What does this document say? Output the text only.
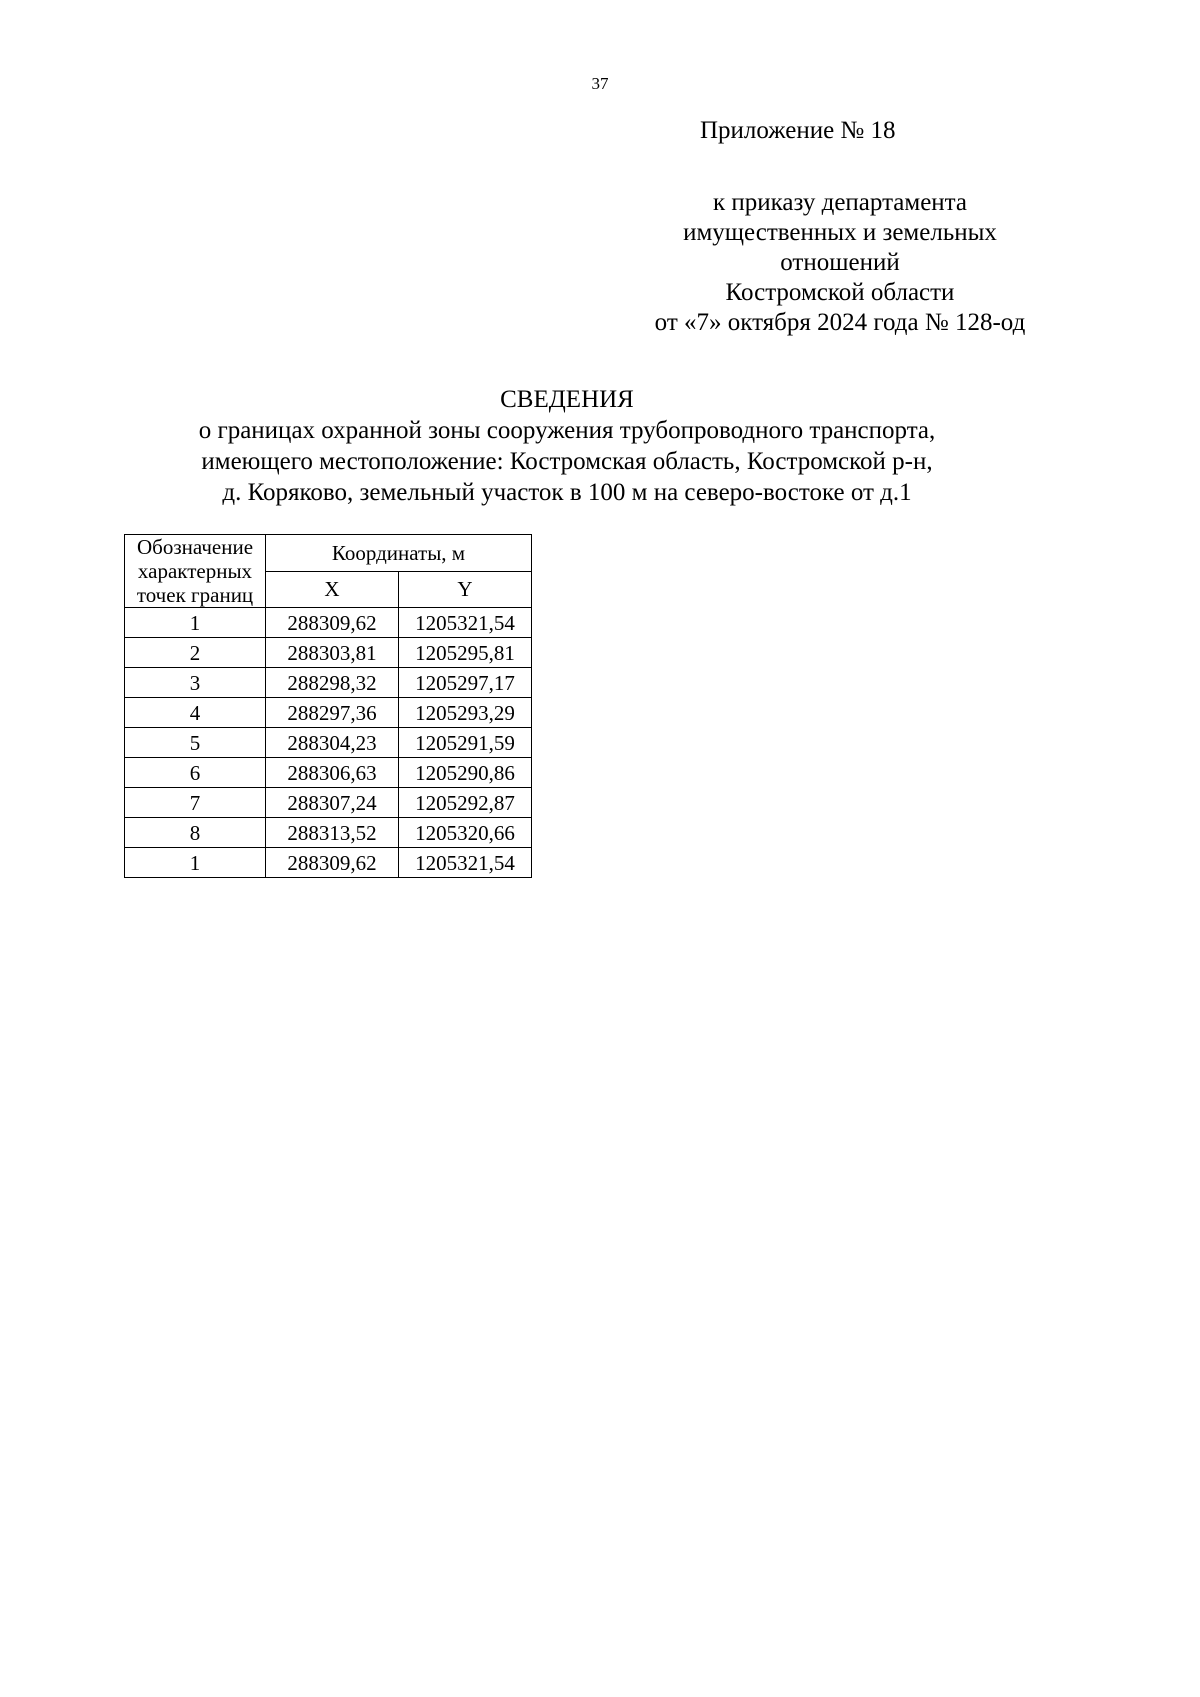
37
Приложение № 18
к приказу департамента
имущественных и земельных
отношений
Костромской области
от «7» октября 2024 года № 128-од
СВЕДЕНИЯ
о границах охранной зоны сооружения трубопроводного транспорта,
имеющего местоположение: Костромская область, Костромской р-н,
д. Коряково, земельный участок в 100 м на северо-востоке от д.1
Обозначение
характерных
точек границ	Координаты, м	
	X	Y
1	288309,62	1205321,54
2	288303,81	1205295,81
3	288298,32	1205297,17
4	288297,36	1205293,29
5	288304,23	1205291,59
6	288306,63	1205290,86
7	288307,24	1205292,87
8	288313,52	1205320,66
1	288309,62	1205321,54
